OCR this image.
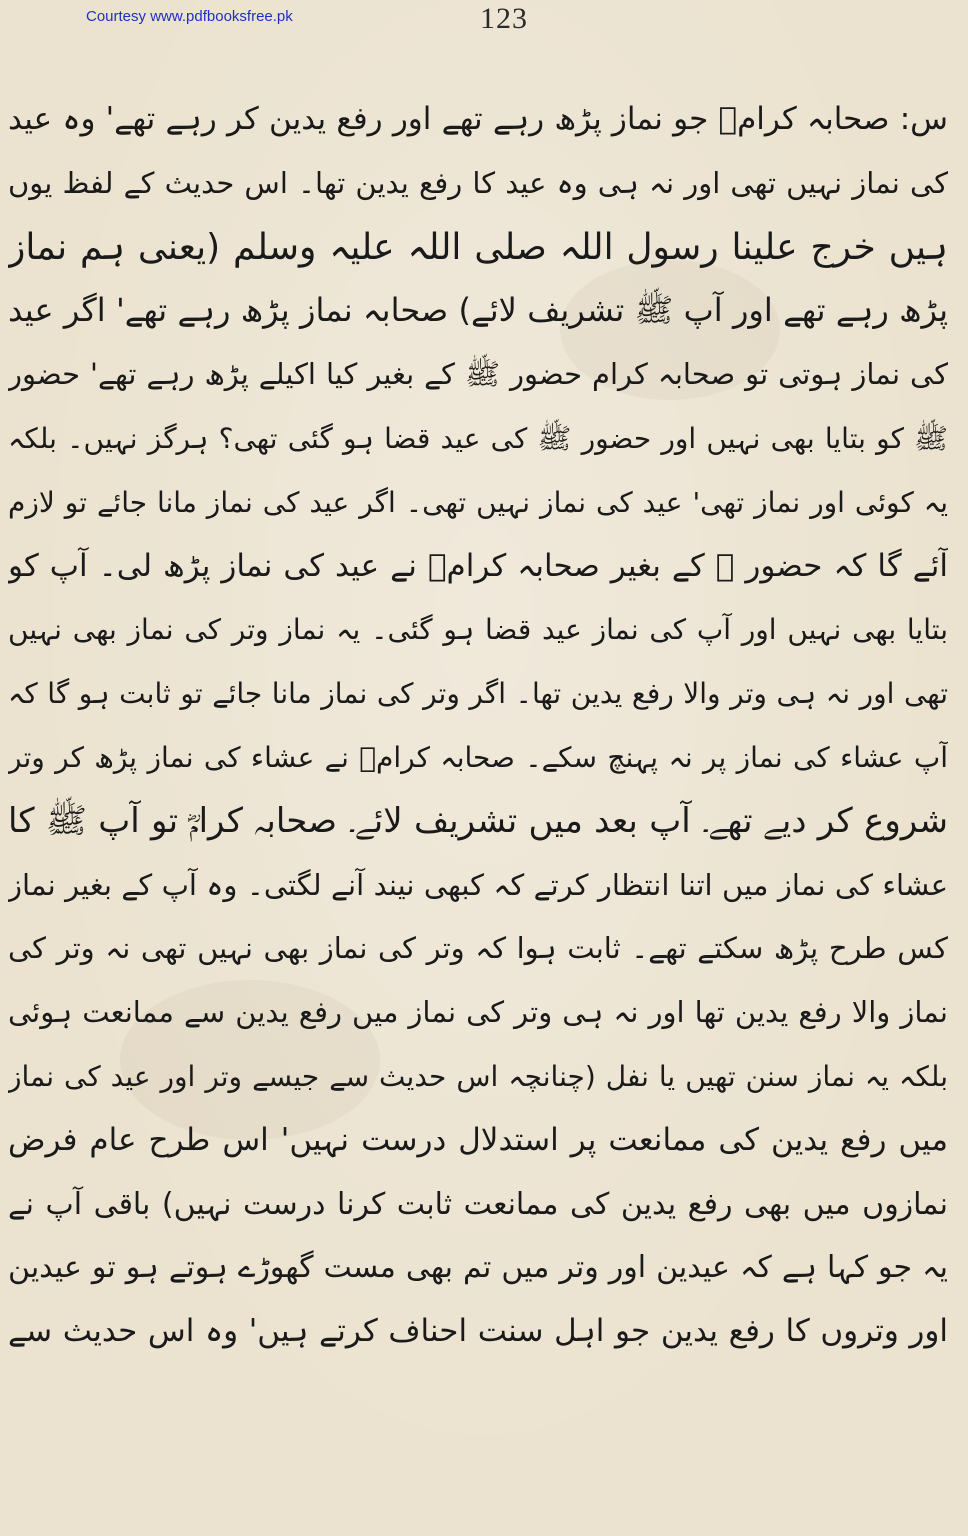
Courtesy www.pdfbooksfree.pk	123
س: صحابہ کرامؓ جو نماز پڑھ رہے تھے اور رفع یدین کر رہے تھے' وہ عید
کی نماز نہیں تھی اور نہ ہی وہ عید کا رفع یدین تھا۔ اس حدیث کے لفظ یوں
ہیں خرج علینا رسول اللہ صلی اللہ علیہ وسلم (یعنی ہم نماز
پڑھ رہے تھے اور آپ ﷺ تشریف لائے) صحابہ نماز پڑھ رہے تھے' اگر عید
کی نماز ہوتی تو صحابہ کرام حضور ﷺ کے بغیر کیا اکیلے پڑھ رہے تھے' حضور
ﷺ کو بتایا بھی نہیں اور حضور ﷺ کی عید قضا ہو گئی تھی؟ ہرگز نہیں۔ بلکہ
یہ کوئی اور نماز تھی' عید کی نماز نہیں تھی۔ اگر عید کی نماز مانا جائے تو لازم
آئے گا کہ حضور ﷺ کے بغیر صحابہ کرامؓ نے عید کی نماز پڑھ لی۔ آپ کو
بتایا بھی نہیں اور آپ کی نماز عید قضا ہو گئی۔ یہ نماز وتر کی نماز بھی نہیں
تھی اور نہ ہی وتر والا رفع یدین تھا۔ اگر وتر کی نماز مانا جائے تو ثابت ہو گا کہ
آپ عشاء کی نماز پر نہ پہنچ سکے۔ صحابہ کرامؓ نے عشاء کی نماز پڑھ کر وتر
شروع کر دیے تھے۔ آپ بعد میں تشریف لائے۔ صحابہ کرامؓ تو آپ ﷺ کا
عشاء کی نماز میں اتنا انتظار کرتے کہ کبھی نیند آنے لگتی۔ وہ آپ کے بغیر نماز
کس طرح پڑھ سکتے تھے۔ ثابت ہوا کہ وتر کی نماز بھی نہیں تھی نہ وتر کی
نماز والا رفع یدین تھا اور نہ ہی وتر کی نماز میں رفع یدین سے ممانعت ہوئی
بلکہ یہ نماز سنن تھیں یا نفل (چنانچہ اس حدیث سے جیسے وتر اور عید کی نماز
میں رفع یدین کی ممانعت پر استدلال درست نہیں' اس طرح عام فرض
نمازوں میں بھی رفع یدین کی ممانعت ثابت کرنا درست نہیں) باقی آپ نے
یہ جو کہا ہے کہ عیدین اور وتر میں تم بھی مست گھوڑے ہوتے ہو تو عیدین
اور وتروں کا رفع یدین جو اہل سنت احناف کرتے ہیں' وہ اس حدیث سے
